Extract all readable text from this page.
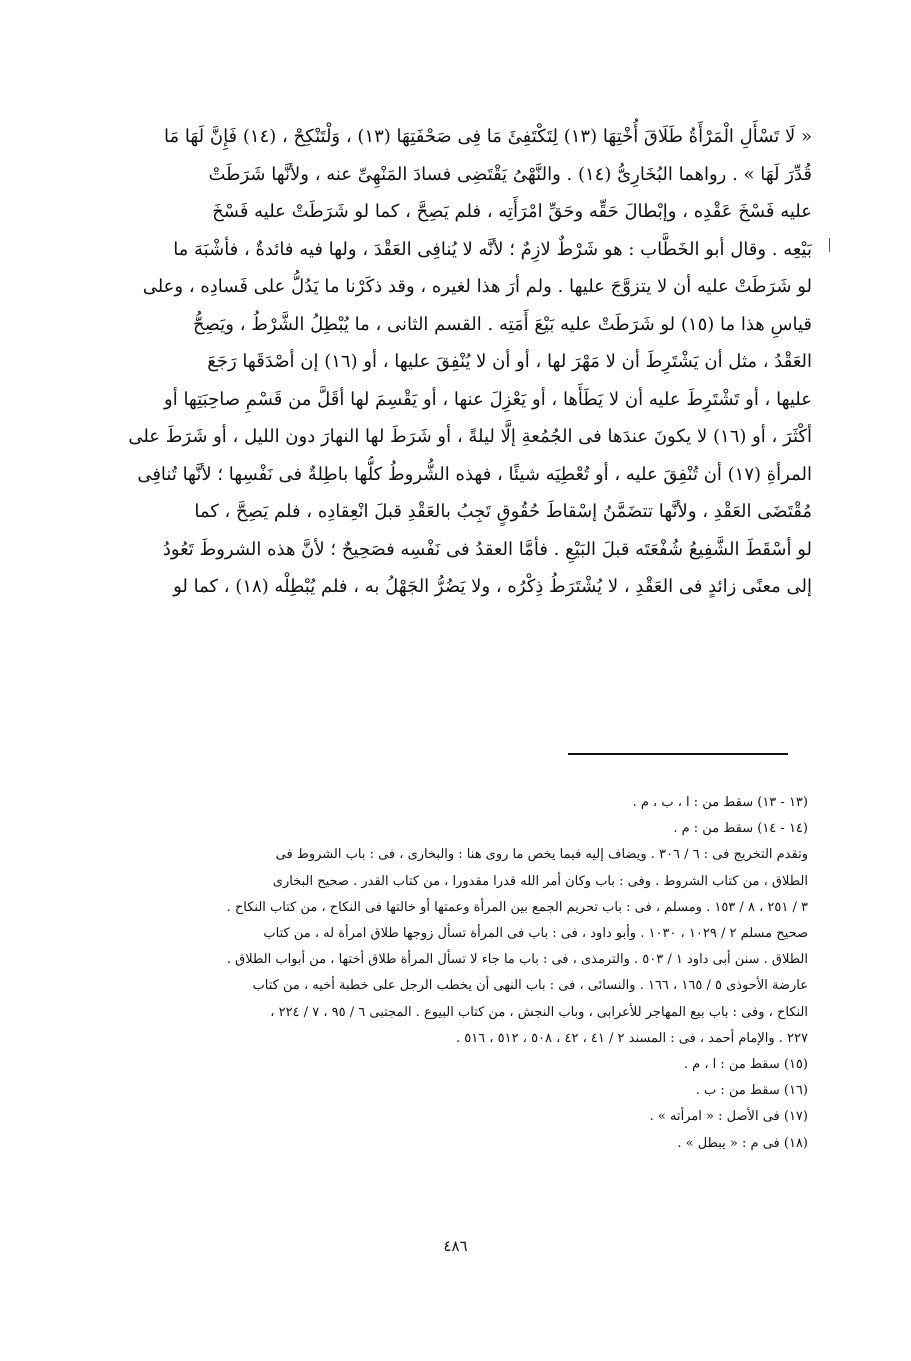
« لَا تَسْأَلِ الْمَرْأَةُ طَلَاقَ أُخْتِهَا (١٣) لِتَكْتَفِئَ مَا فِى صَحْفَتِهَا (١٣) ، وَلْتَنْكِحْ ، (١٤) فَإِنَّ لَهَا مَا
قُدِّرَ لَهَا » . رواهما البُخَارِىُّ (١٤) . والنَّهْىُ يَقْتَضِى فسادَ المَنْهِىِّ عنه ، ولأنَّها شَرَطَتْ
عليه فَسْخَ عَقْدِه ، وإبْطالَ حَقِّه وحَقِّ امْرَأَتِه ، فلم يَصِحَّ ، كما لو شَرَطَتْ عليه فَسْخَ
بَيْعِه . وقال أبو الخَطَّاب : هو شَرْطٌ لازِمٌ ؛ لأنَّه لا يُنافِى العَقْدَ ، ولها فيه فائدةٌ ، فأشْبَهَ ما
لو شَرَطَتْ عليه أن لا يتزوَّجَ عليها . ولم أرَ هذا لغيره ، وقد ذكَرْنا ما يَدُلُّ على فَسادِه ، وعلى
قياسِ هذا ما (١٥) لو شَرَطَتْ عليه بَيْعَ أَمَتِه . القسم الثانى ، ما يُبْطِلُ الشَّرْطُ ، ويَصِحُّ
العَقْدُ ، مثل أن يَشْتَرِطَ أن لا مَهْرَ لها ، أو أن لا يُنْفِقَ عليها ، أو (١٦) إن أصْدَقَها رَجَعَ
عليها ، أو تَشْتَرِطَ عليه أن لا يَطَأَها ، أو يَعْزِلَ عنها ، أو يَقْسِمَ لها أقَلَّ من قَسْمِ صاحِبَتِها أو
أكْثَرَ ، أو (١٦) لا يكونَ عندَها فى الجُمُعةِ إلَّا ليلةً ، أو شَرَطَ لها النهارَ دون الليل ، أو شَرَطَ على
المرأةِ (١٧) أن تُنْفِقَ عليه ، أو تُعْطِيَه شيئًا ، فهذه الشُّروطُ كلُّها باطِلةٌ فى نَفْسِها ؛ لأنَّها تُنافِى
مُقْتَضَى العَقْدِ ، ولأنَّها تتضَمَّنُ إسْقاطَ حُقُوقٍ تَجِبُ بالعَقْدِ قبلَ انْعِقادِه ، فلم يَصِحَّ ، كما
لو أسْقَطَ الشَّفِيعُ شُفْعَتَه قبلَ البَيْعِ . فأمَّا العقدُ فى نَفْسِه فصَحِيحٌ ؛ لأنَّ هذه الشروطَ تَعُودُ
إلى معنًى زائدٍ فى العَقْدِ ، لا يُشْتَرَطُ ذِكْرُه ، ولا يَضُرُّ الجَهْلُ به ، فلم يُبْطِلْه (١٨) ، كما لو
(١٣ - ١٣) سقط من : ا ، ب ، م .
(١٤ - ١٤) سقط من : م .
وتقدم التخريج فى : ٦ / ٣٠٦ . ويضاف إليه فيما يخص ما روى هنا : والبخارى ، فى : باب الشروط فى
الطلاق ، من كتاب الشروط . وفى : باب وكان أمر الله قدرا مقدورا ، من كتاب القدر . صحيح البخارى
٣ / ٢٥١ ، ٨ / ١٥٣ . ومسلم ، فى : باب تحريم الجمع بين المرأة وعمتها أو خالتها فى النكاح ، من كتاب النكاح .
صحيح مسلم ٢ / ١٠٢٩ ، ١٠٣٠ . وأبو داود ، فى : باب فى المرأة تسأل زوجها طلاق امرأة له ، من كتاب
الطلاق . سنن أبى داود ١ / ٥٠٣ . والترمذى ، فى : باب ما جاء لا تسأل المرأة طلاق أختها ، من أبواب الطلاق .
عارضة الأحوذى ٥ / ١٦٥ ، ١٦٦ . والنسائى ، فى : باب النهى أن يخطب الرجل على خطبة أخيه ، من كتاب
النكاح ، وفى : باب بيع المهاجر للأعرابى ، وباب النجش ، من كتاب البيوع . المجتبى ٦ / ٩٥ ، ٧ / ٢٢٤ ،
٢٢٧ . والإمام أحمد ، فى : المسند ٢ / ٤١ ، ٤٢ ، ٥٠٨ ، ٥١٢ ، ٥١٦ .
(١٥) سقط من : ا ، م .
(١٦) سقط من : ب .
(١٧) فى الأصل : « امرأته » .
(١٨) فى م : « يبطل » .
٤٨٦
